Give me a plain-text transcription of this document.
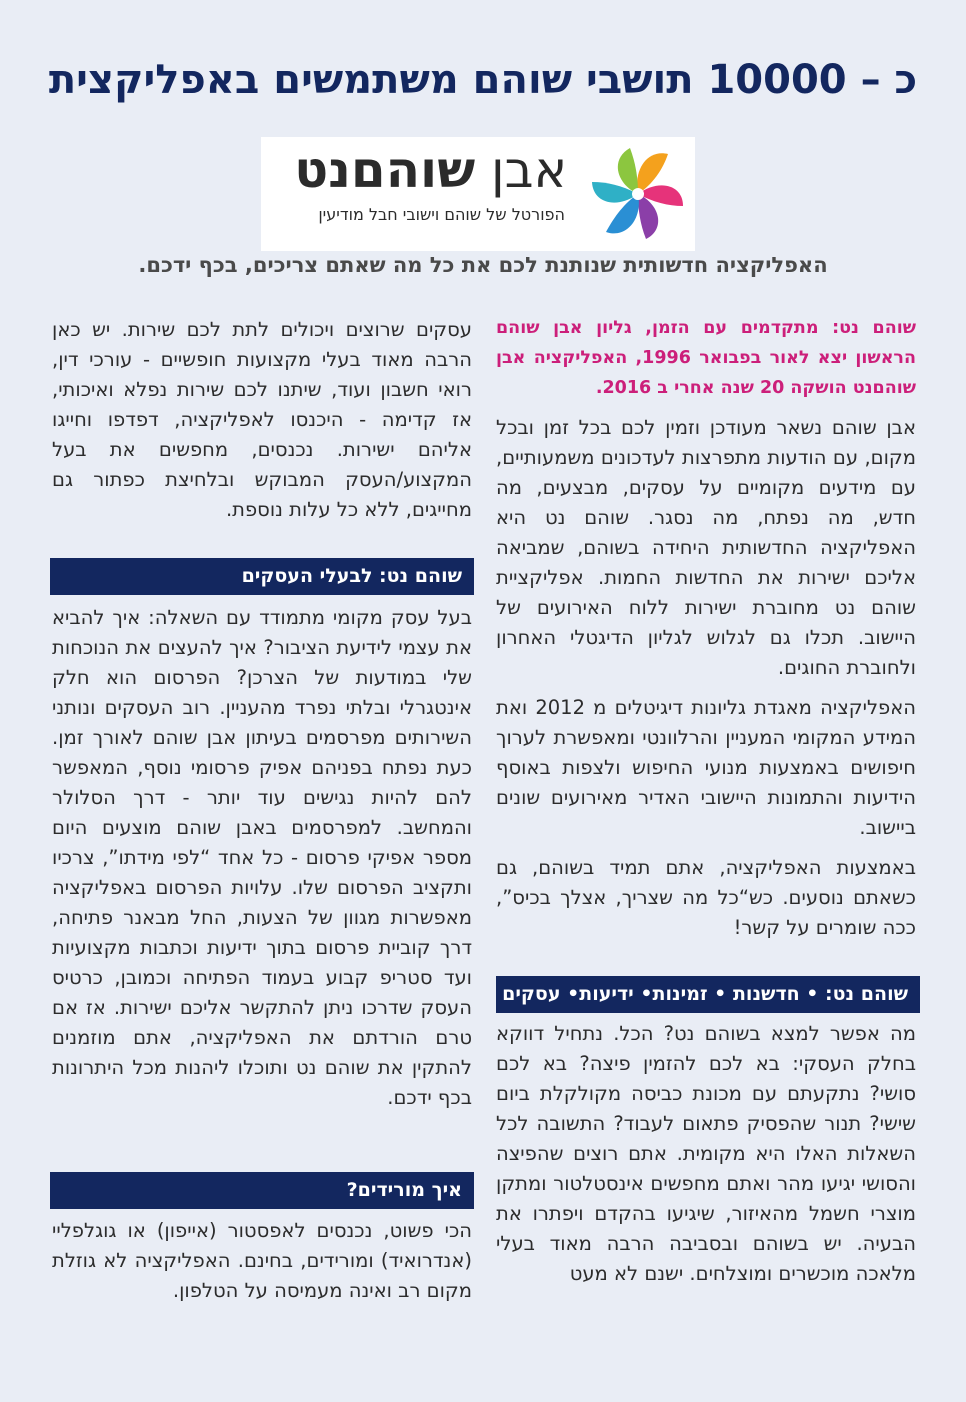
כ – 10000 תושבי שוהם משתמשים באפליקצית
אבן שוהםנט
הפורטל של שוהם וישובי חבל מודיעין
האפליקציה חדשותית שנותנת לכם את כל מה שאתם צריכים, בכף ידכם.

שוהם נט: מתקדמים עם הזמן, גליון אבן שוהם הראשון יצא לאור בפבואר 1996, האפליקציה אבן שוהםנט הושקה 20 שנה אחרי ב 2016.

אבן שוהם נשאר מעודכן וזמין לכם בכל זמן ובכל מקום, עם הודעות מתפרצות לעדכונים משמעותיים, עם מידעים מקומיים על עסקים, מבצעים, מה חדש, מה נפתח, מה נסגר. שוהם נט היא האפליקציה החדשותית היחידה בשוהם, שמביאה אליכם ישירות את החדשות החמות. אפליקציית שוהם נט מחוברת ישירות ללוח האירועים של היישוב. תכלו גם לגלוש לגליון הדיגטלי האחרון ולחוברת החוגים.

האפליקציה מאגדת גליונות דיגיטלים מ 2012 ואת המידע המקומי המעניין והרלוונטי ומאפשרת לערוך חיפושים באמצעות מנועי החיפוש ולצפות באוסף הידיעות והתמונות היישובי האדיר מאירועים שונים ביישוב.

באמצעות האפליקציה, אתם תמיד בשוהם, גם כשאתם נוסעים. כש“כל מה שצריך, אצלך בכיס”, ככה שומרים על קשר!

שוהם נט: • חדשנות • זמינות• ידיעות• עסקים

מה אפשר למצא בשוהם נט? הכל. נתחיל דווקא בחלק העסקי: בא לכם להזמין פיצה? בא לכם סושי? נתקעתם עם מכונת כביסה מקולקלת ביום שישי? תנור שהפסיק פתאום לעבוד? התשובה לכל השאלות האלו היא מקומית. אתם רוצים שהפיצה והסושי יגיעו מהר ואתם מחפשים אינסטלטור ומתקן מוצרי חשמל מהאיזור, שיגיעו בהקדם ויפתרו את הבעיה. יש בשוהם ובסביבה הרבה מאוד בעלי מלאכה מוכשרים ומוצלחים. ישנם לא מעט

עסקים שרוצים ויכולים לתת לכם שירות. יש כאן הרבה מאוד בעלי מקצועות חופשיים - עורכי דין, רואי חשבון ועוד, שיתנו לכם שירות נפלא ואיכותי, אז קדימה - היכנסו לאפליקציה, דפדפו וחייגו אליהם ישירות. נכנסים, מחפשים את בעל המקצוע/העסק המבוקש ובלחיצת כפתור גם מחייגים, ללא כל עלות נוספת.

שוהם נט: לבעלי העסקים

בעל עסק מקומי מתמודד עם השאלה: איך להביא את עצמי לידיעת הציבור? איך להעצים את הנוכחות שלי במודעות של הצרכן? הפרסום הוא חלק אינטגרלי ובלתי נפרד מהעניין. רוב העסקים ונותני השירותים מפרסמים בעיתון אבן שוהם לאורך זמן. כעת נפתח בפניהם אפיק פרסומי נוסף, המאפשר להם להיות נגישים עוד יותר - דרך הסלולר והמחשב. למפרסמים באבן שוהם מוצעים היום מספר אפיקי פרסום - כל אחד “לפי מידתו”, צרכיו ותקציב הפרסום שלו. עלויות הפרסום באפליקציה מאפשרות מגוון של הצעות, החל מבאנר פתיחה, דרך קוביית פרסום בתוך ידיעות וכתבות מקצועיות ועד סטריפ קבוע בעמוד הפתיחה וכמובן, כרטיס העסק שדרכו ניתן להתקשר אליכם ישירות. אז אם טרם הורדתם את האפליקציה, אתם מוזמנים להתקין את שוהם נט ותוכלו ליהנות מכל היתרונות בכף ידכם.

איך מורידים?

הכי פשוט, נכנסים לאפסטור (אייפון) או גוגלפליי (אנדרואיד) ומורידים, בחינם. האפליקציה לא גוזלת מקום רב ואינה מעמיסה על הטלפון.
